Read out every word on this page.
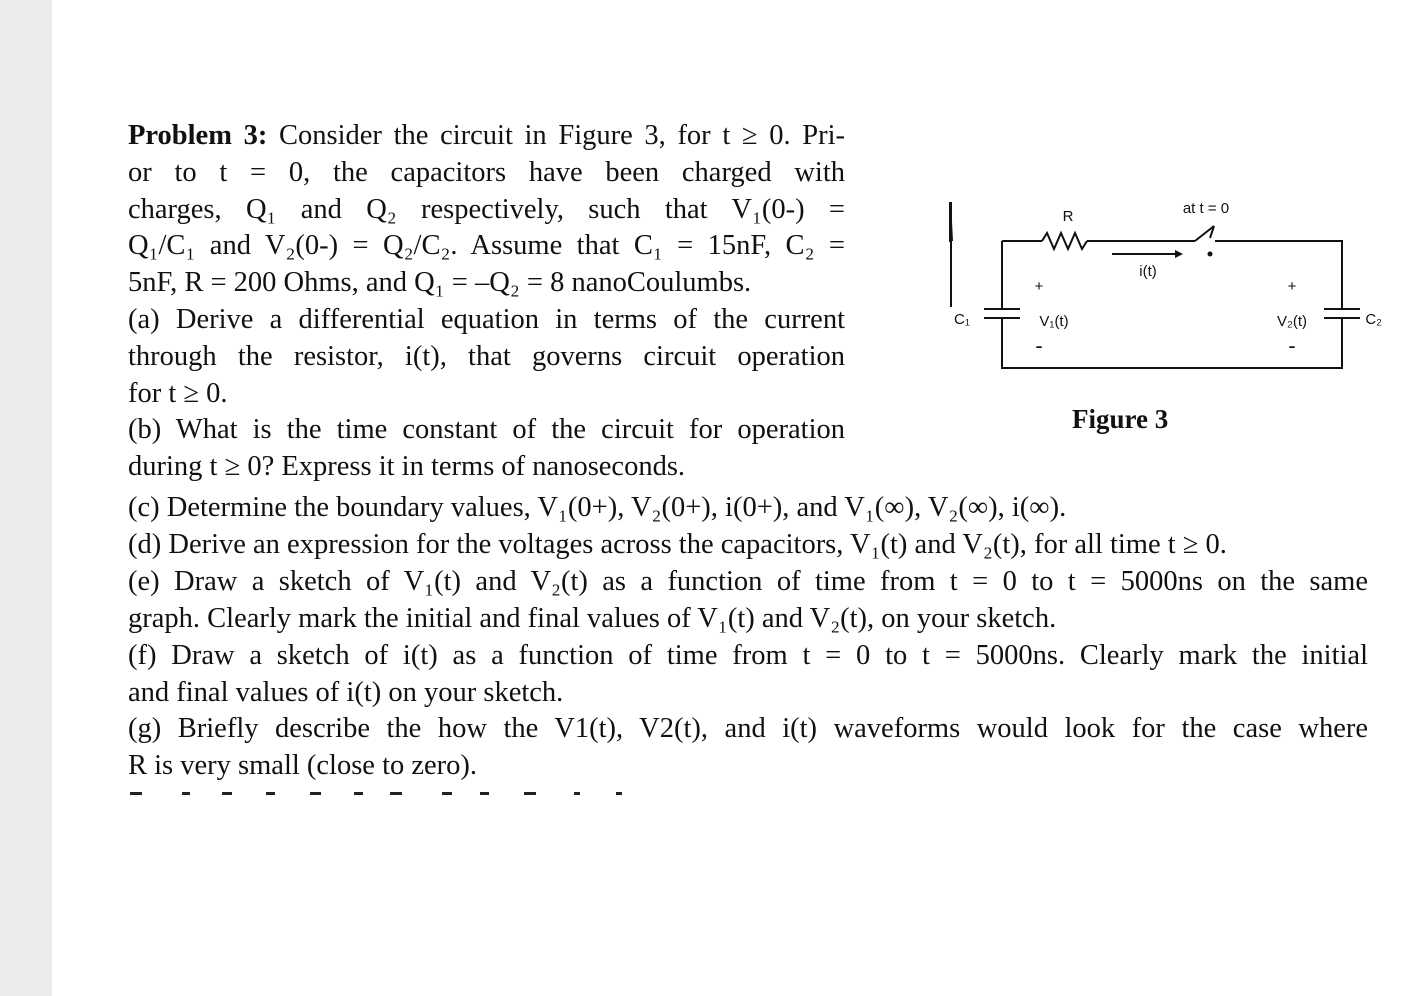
Problem 3: Consider the circuit in Figure 3, for t ≥ 0. Pri-
or to t = 0, the capacitors have been charged with
charges, Q₁ and Q₂ respectively, such that V₁(0-) =
Q₁/C₁ and V₂(0-) = Q₂/C₂. Assume that C₁ = 15nF, C₂ =
5nF, R = 200 Ohms, and Q₁ = –Q₂ = 8 nanoCoulumbs.
(a) Derive a differential equation in terms of the current
through the resistor, i(t), that governs circuit operation
for t ≥ 0.
(b) What is the time constant of the circuit for operation
during t ≥ 0? Express it in terms of nanoseconds.
(c) Determine the boundary values, V₁(0+), V₂(0+), i(0+), and V₁(∞), V₂(∞), i(∞).
(d) Derive an expression for the voltages across the capacitors, V₁(t) and V₂(t), for all time t ≥ 0.
(e) Draw a sketch of V₁(t) and V₂(t) as a function of time from t = 0 to t = 5000ns on the same
graph. Clearly mark the initial and final values of V₁(t) and V₂(t), on your sketch.
(f) Draw a sketch of i(t) as a function of time from t = 0 to t = 5000ns. Clearly mark the initial
and final values of i(t) on your sketch.
(g) Briefly describe the how the V1(t), V2(t), and i(t) waveforms would look for the case where
R is very small (close to zero).
R	at t = 0
i(t)
C₁	C₂
V₁(t)	V₂(t)
+	+
-	-
Figure 3
